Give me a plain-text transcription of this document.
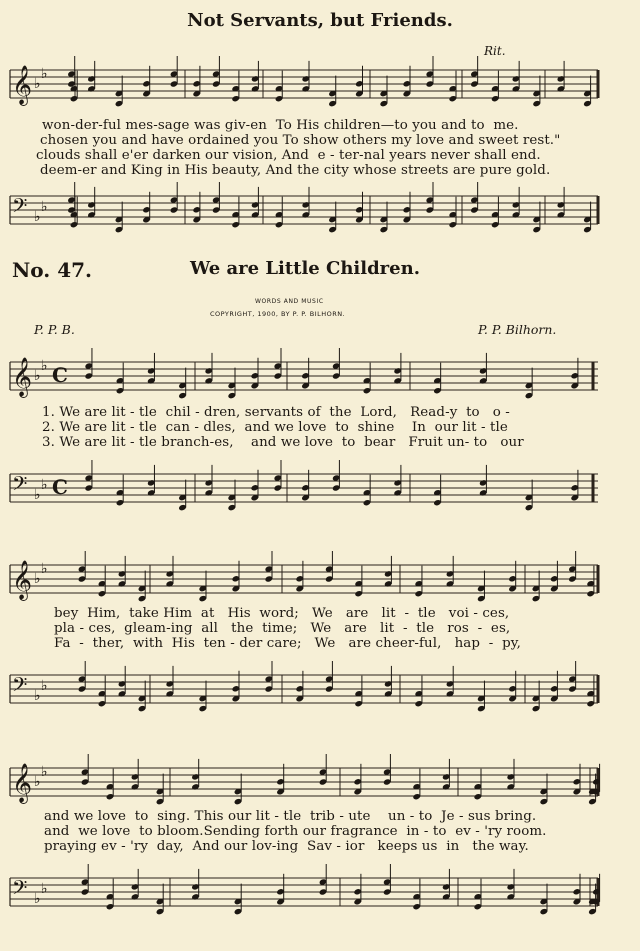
Not Servants, but Friends.
Rit.
𝄞 ♭
♭
won-der-ful mes-sage was giv-en  To His children—to you and to  me.
chosen you and have ordained you To show others my love and sweet rest."
clouds shall e'er darken our vision, And  e - ter-nal years never shall end.
deem-er and King in His beauty, And the city whose streets are pure gold.
𝄢 ♭
♭
No. 47.	We are Little Children.
WORDS AND MUSIC
COPYRIGHT, 1900, BY P. P. BILHORN.
P. P. B.	P. P. Bilhorn.
𝄞 ♭
♭ C
1. We are lit - tle  chil - dren, servants of  the  Lord,   Read-y  to   o -
2. We are lit - tle  can - dles,  and we love  to  shine    In  our lit - tle
3. We are lit - tle branch-es,    and we love  to  bear   Fruit un- to   our
𝄢 ♭
♭ C
𝄞 ♭
♭
bey  Him,  take Him  at   His  word;   We   are   lit  -  tle   voi - ces,
pla - ces,  gleam-ing  all   the  time;   We   are   lit  -  tle   ros  -  es,
Fa  -  ther,  with  His  ten - der care;   We   are cheer-ful,   hap  -  py,
𝄢 ♭
♭
𝄞 ♭
♭
and we love  to  sing. This our lit - tle  trib - ute    un - to  Je - sus bring.
and  we love  to bloom.Sending forth our fragrance  in - to  ev - 'ry room.
praying ev - 'ry  day,  And our lov-ing  Sav - ior   keeps us  in   the way.
𝄢 ♭
♭
